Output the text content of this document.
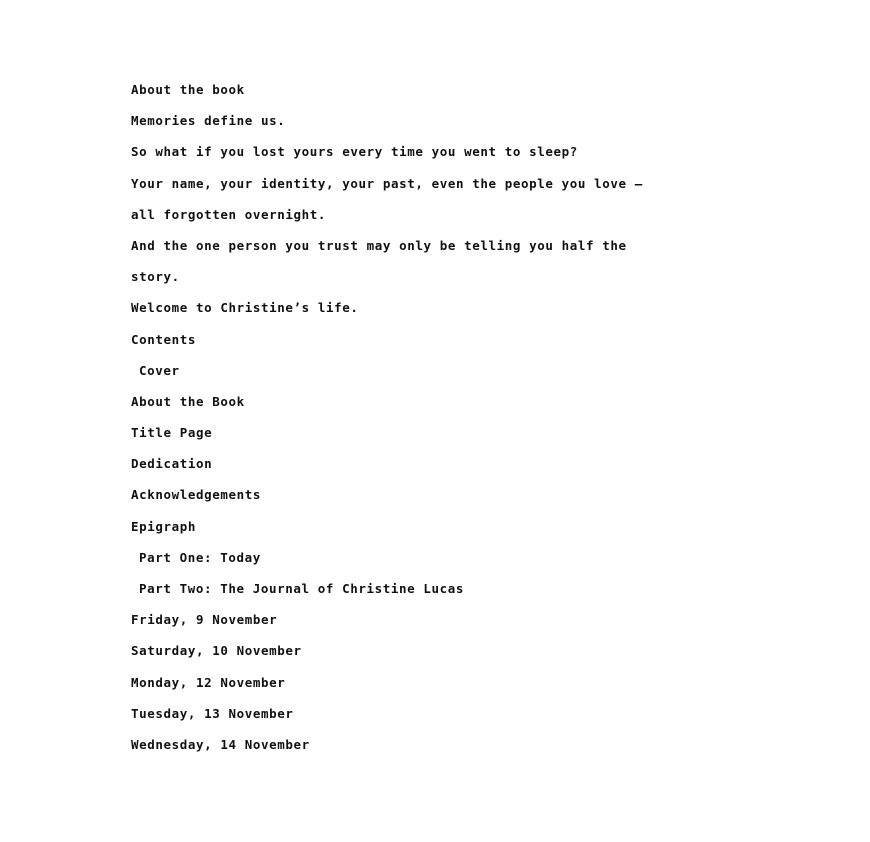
About the book
Memories define us.
So what if you lost yours every time you went to sleep?
Your name, your identity, your past, even the people you love —
all forgotten overnight.
And the one person you trust may only be telling you half the
story.
Welcome to Christine’s life.
Contents
Cover
About the Book
Title Page
Dedication
Acknowledgements
Epigraph
Part One: Today
Part Two: The Journal of Christine Lucas
Friday, 9 November
Saturday, 10 November
Monday, 12 November
Tuesday, 13 November
Wednesday, 14 November
